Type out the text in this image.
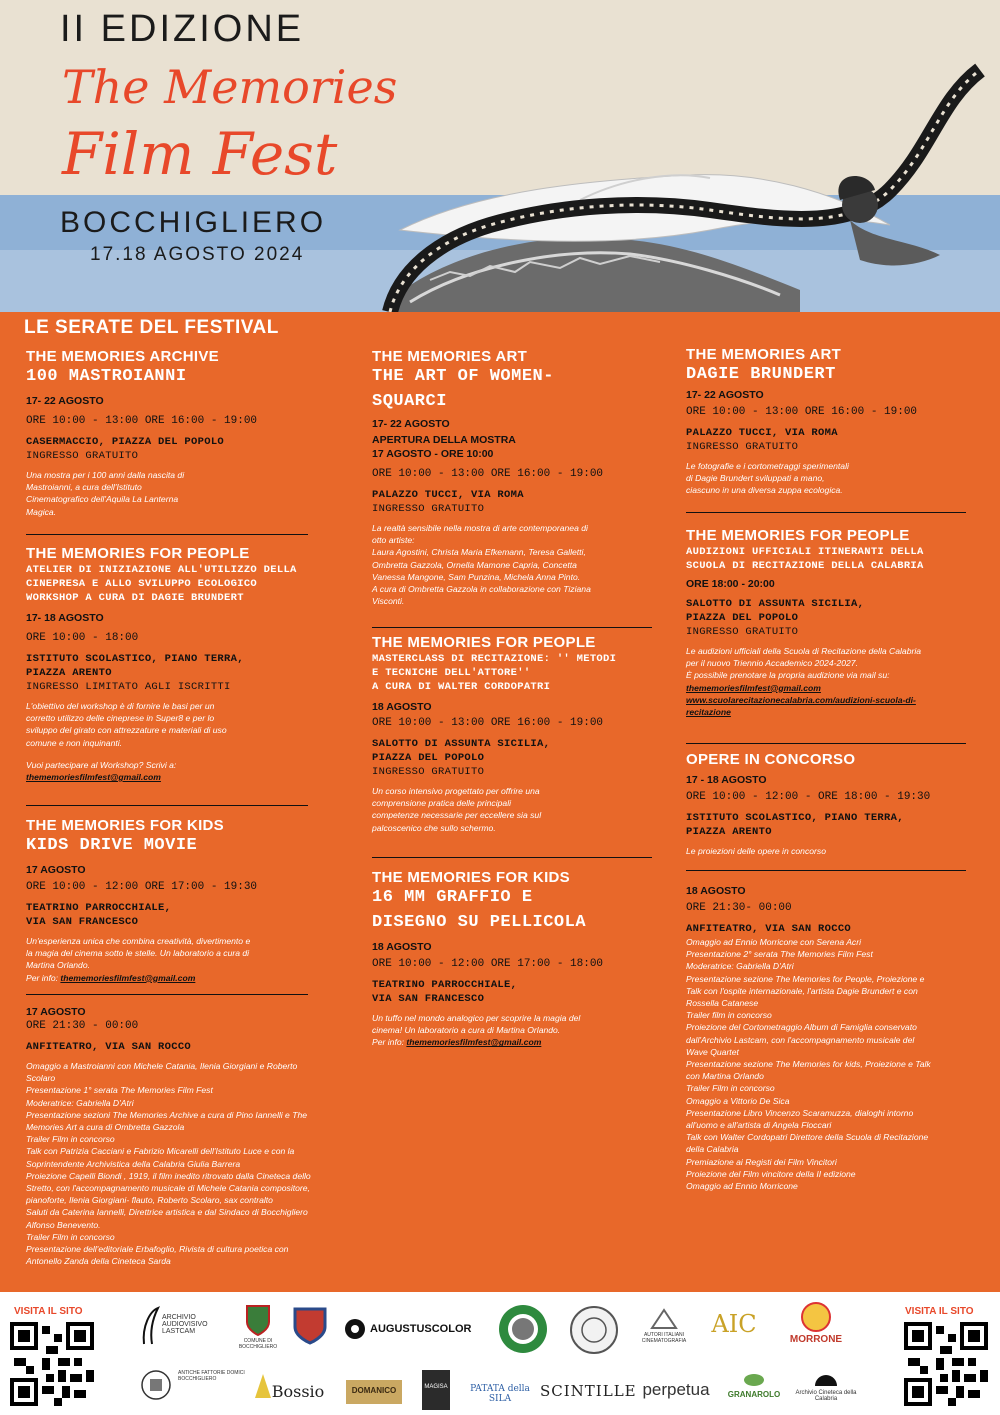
II EDIZIONE
The Memories
Film Fest
BOCCHIGLIERO
17.18 AGOSTO 2024
LE SERATE DEL FESTIVAL
THE MEMORIES ARCHIVE
100 MASTROIANNI
17- 22 AGOSTO
ORE 10:00 - 13:00 ORE 16:00 - 19:00
CASERMACCIO, PIAZZA DEL POPOLO
INGRESSO GRATUITO
Una mostra per i 100 anni dalla nascita di
Mastroianni, a cura dell'Istituto
Cinematografico dell'Aquila La Lanterna
Magica.
THE MEMORIES FOR PEOPLE
ATELIER DI INIZIAZIONE ALL'UTILIZZO DELLA
CINEPRESA E ALLO SVILUPPO ECOLOGICO
WORKSHOP A CURA DI DAGIE BRUNDERT
17- 18 AGOSTO
ORE 10:00 - 18:00
ISTITUTO SCOLASTICO, PIANO TERRA,
PIAZZA ARENTO
INGRESSO LIMITATO AGLI ISCRITTI
L'obiettivo del workshop è di fornire le basi per un
corretto utilizzo delle cineprese in Super8 e per lo
sviluppo del girato con attrezzature e materiali di uso
comune e non inquinanti.
Vuoi partecipare al Workshop? Scrivi a:
thememoriesfilmfest@gmail.com
THE MEMORIES FOR KIDS
KIDS DRIVE MOVIE
17 AGOSTO
ORE 10:00 - 12:00 ORE 17:00 - 19:30
TEATRINO PARROCCHIALE,
VIA SAN FRANCESCO
Un'esperienza unica che combina creatività, divertimento e
la magia del cinema sotto le stelle. Un laboratorio a cura di
Martina Orlando.
Per info: thememoriesfilmfest@gmail.com
17 AGOSTO
ORE 21:30 - 00:00
ANFITEATRO, VIA SAN ROCCO
Omaggio a Mastroianni con Michele Catania, Ilenia Giorgiani e Roberto
Scolaro
Presentazione 1° serata The Memories Film Fest
Moderatrice: Gabriella D'Atri
Presentazione sezioni The Memories Archive a cura di Pino Iannelli e The
Memories Art a cura di Ombretta Gazzola
Trailer Film in concorso
Talk con Patrizia Cacciani e Fabrizio Micarelli dell'Istituto Luce e con la
Soprintendente Archivistica della Calabria Giulia Barrera
Proiezione Capelli Biondi , 1919, il film inedito ritrovato dalla Cineteca dello
Stretto, con l'accompagnamento musicale di Michele Catania compositore,
pianoforte, Ilenia Giorgiani- flauto, Roberto Scolaro, sax contralto
Saluti da Caterina Iannelli, Direttrice artistica e dal Sindaco di Bocchigliero
Alfonso Benevento.
Trailer Film in concorso
Presentazione dell'editoriale Erbafoglio, Rivista di cultura poetica con
Antonello Zanda della Cineteca Sarda
THE MEMORIES ART
THE ART OF WOMEN-
SQUARCI
17- 22 AGOSTO
APERTURA DELLA MOSTRA
17 AGOSTO - ORE 10:00
ORE 10:00 - 13:00 ORE 16:00 - 19:00
PALAZZO TUCCI, VIA ROMA
INGRESSO GRATUITO
La realtà sensibile nella mostra di arte contemporanea di
otto artiste:
Laura Agostini, Christa Maria Efkemann, Teresa Galletti,
Ombretta Gazzola, Ornella Mamone Capria, Concetta
Vanessa Mangone, Sam Punzina, Michela Anna Pinto.
A cura di Ombretta Gazzola in collaborazione con Tiziana
Visconti.
THE MEMORIES FOR PEOPLE
MASTERCLASS DI RECITAZIONE: '' METODI
E TECNICHE DELL'ATTORE''
A CURA DI WALTER CORDOPATRI
18 AGOSTO
ORE 10:00 - 13:00 ORE 16:00 - 19:00
SALOTTO DI ASSUNTA SICILIA,
PIAZZA DEL POPOLO
INGRESSO GRATUITO
Un corso intensivo progettato per offrire una
comprensione pratica delle principali
competenze necessarie per eccellere sia sul
palcoscenico che sullo schermo.
THE MEMORIES FOR KIDS
16 MM GRAFFIO E
DISEGNO SU PELLICOLA
18 AGOSTO
ORE 10:00 - 12:00 ORE 17:00 - 18:00
TEATRINO PARROCCHIALE,
VIA SAN FRANCESCO
Un tuffo nel mondo analogico per scoprire la magia del
cinema! Un laboratorio a cura di Martina Orlando.
Per info: thememoriesfilmfest@gmail.com
THE MEMORIES ART
DAGIE BRUNDERT
17- 22 AGOSTO
ORE 10:00 - 13:00 ORE 16:00 - 19:00
PALAZZO TUCCI, VIA ROMA
INGRESSO GRATUITO
Le fotografie e i cortometraggi sperimentali
di Dagie Brundert sviluppati a mano,
ciascuno in una diversa zuppa ecologica.
THE MEMORIES FOR PEOPLE
AUDIZIONI UFFICIALI ITINERANTI DELLA
SCUOLA DI RECITAZIONE DELLA CALABRIA
ORE 18:00 - 20:00
SALOTTO DI ASSUNTA SICILIA,
PIAZZA DEL POPOLO
INGRESSO GRATUITO
Le audizioni ufficiali della Scuola di Recitazione della Calabria
per il nuovo Triennio Accademico 2024-2027.
È possibile prenotare la propria audizione via mail su:
thememoriesfilmfest@gmail.com
www.scuolarecitazionecalabria.com/audizioni-scuola-di-
recitazione
OPERE IN CONCORSO
17 - 18 AGOSTO
ORE 10:00 - 12:00 - ORE 18:00 - 19:30
ISTITUTO SCOLASTICO, PIANO TERRA,
PIAZZA ARENTO
Le proiezioni delle opere in concorso
18 AGOSTO
ORE 21:30- 00:00
ANFITEATRO, VIA SAN ROCCO
Omaggio ad Ennio Morricone con Serena Acri
Presentazione 2° serata The Memories Film Fest
Moderatrice: Gabriella D'Atri
Presentazione sezione The Memories for People, Proiezione e
Talk con l'ospite internazionale, l'artista Dagie Brundert e con
Rossella Catanese
Trailer film in concorso
Proiezione del Cortometraggio Album di Famiglia conservato
dall'Archivio Lastcam, con l'accompagnamento musicale del
Wave Quartet
Presentazione sezione The Memories for kids, Proiezione e Talk
con Martina Orlando
Trailer Film in concorso
Omaggio a Vittorio De Sica
Presentazione Libro Vincenzo Scaramuzza, dialoghi intorno
all'uomo e all'artista di Angela Floccari
Talk con Walter Cordopatri Direttore della Scuola di Recitazione
della Calabria
Premiazione ai Registi dei Film Vincitori
Proiezione del Film vincitore della II edizione
Omaggio ad Ennio Morricone
VISITA IL SITO	VISITA IL SITO
ARCHIVIO AUDIOVISIVO LASTCAM
COMUNE DI BOCCHIGLIERO
AUGUSTUSCOLOR	AUTORI ITALIANI CINEMATOGRAFIA
AIC
MORRONE
ANTICHE FATTORIE DOMICI BOCCHIGLIERO
Bossio	DOMANICO	MAGISA	PATATA della SILA	SCINTILLE perpetua	GRANAROLO	Archivio Cineteca della Calabria
